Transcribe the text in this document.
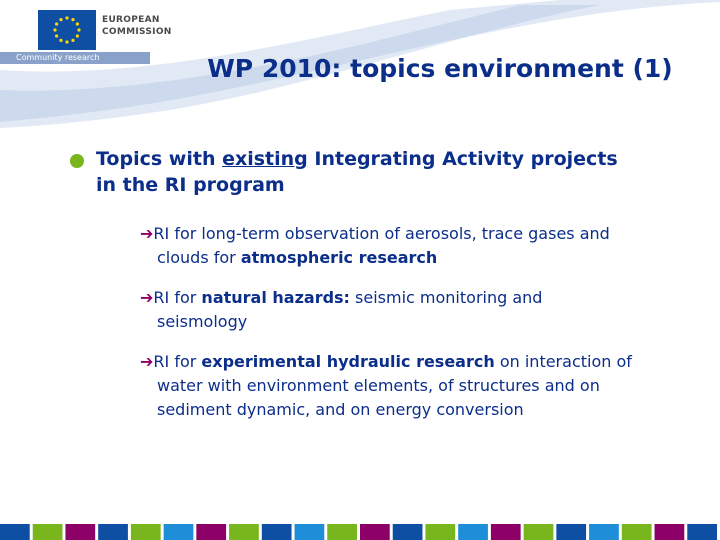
EUROPEAN
COMMISSION
Community research	WP 2010: topics environment (1)

Topics with existing Integrating Activity projects
in the RI program

➔RI for long-term observation of aerosols, trace gases and
clouds for atmospheric research

➔RI for natural hazards: seismic monitoring and
seismology

➔RI for experimental hydraulic research on interaction of
water with environment elements, of structures and on
sediment dynamic, and on energy conversion
